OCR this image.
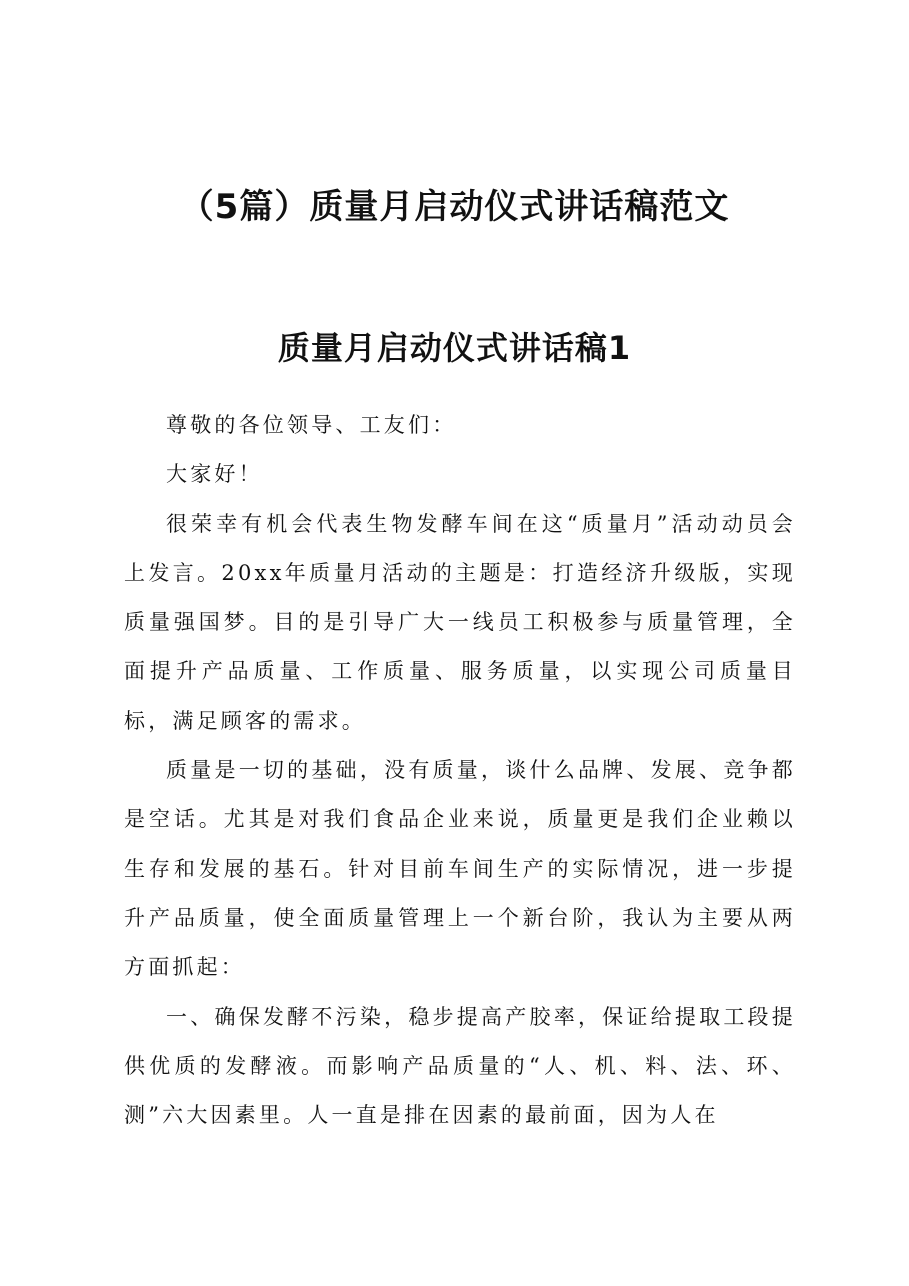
（5篇）质量月启动仪式讲话稿范文
质量月启动仪式讲话稿1

尊敬的各位领导、工友们：

大家好！

很荣幸有机会代表生物发酵车间在这“质量月”活动动员会上发言。20xx年质量月活动的主题是：打造经济升级版，实现质量强国梦。目的是引导广大一线员工积极参与质量管理，全面提升产品质量、工作质量、服务质量，以实现公司质量目标，满足顾客的需求。

质量是一切的基础，没有质量，谈什么品牌、发展、竞争都是空话。尤其是对我们食品企业来说，质量更是我们企业赖以生存和发展的基石。针对目前车间生产的实际情况，进一步提升产品质量，使全面质量管理上一个新台阶，我认为主要从两方面抓起：

一、确保发酵不污染，稳步提高产胶率，保证给提取工段提供优质的发酵液。而影响产品质量的“人、机、料、法、环、测”六大因素里。人一直是排在因素的最前面，因为人在
